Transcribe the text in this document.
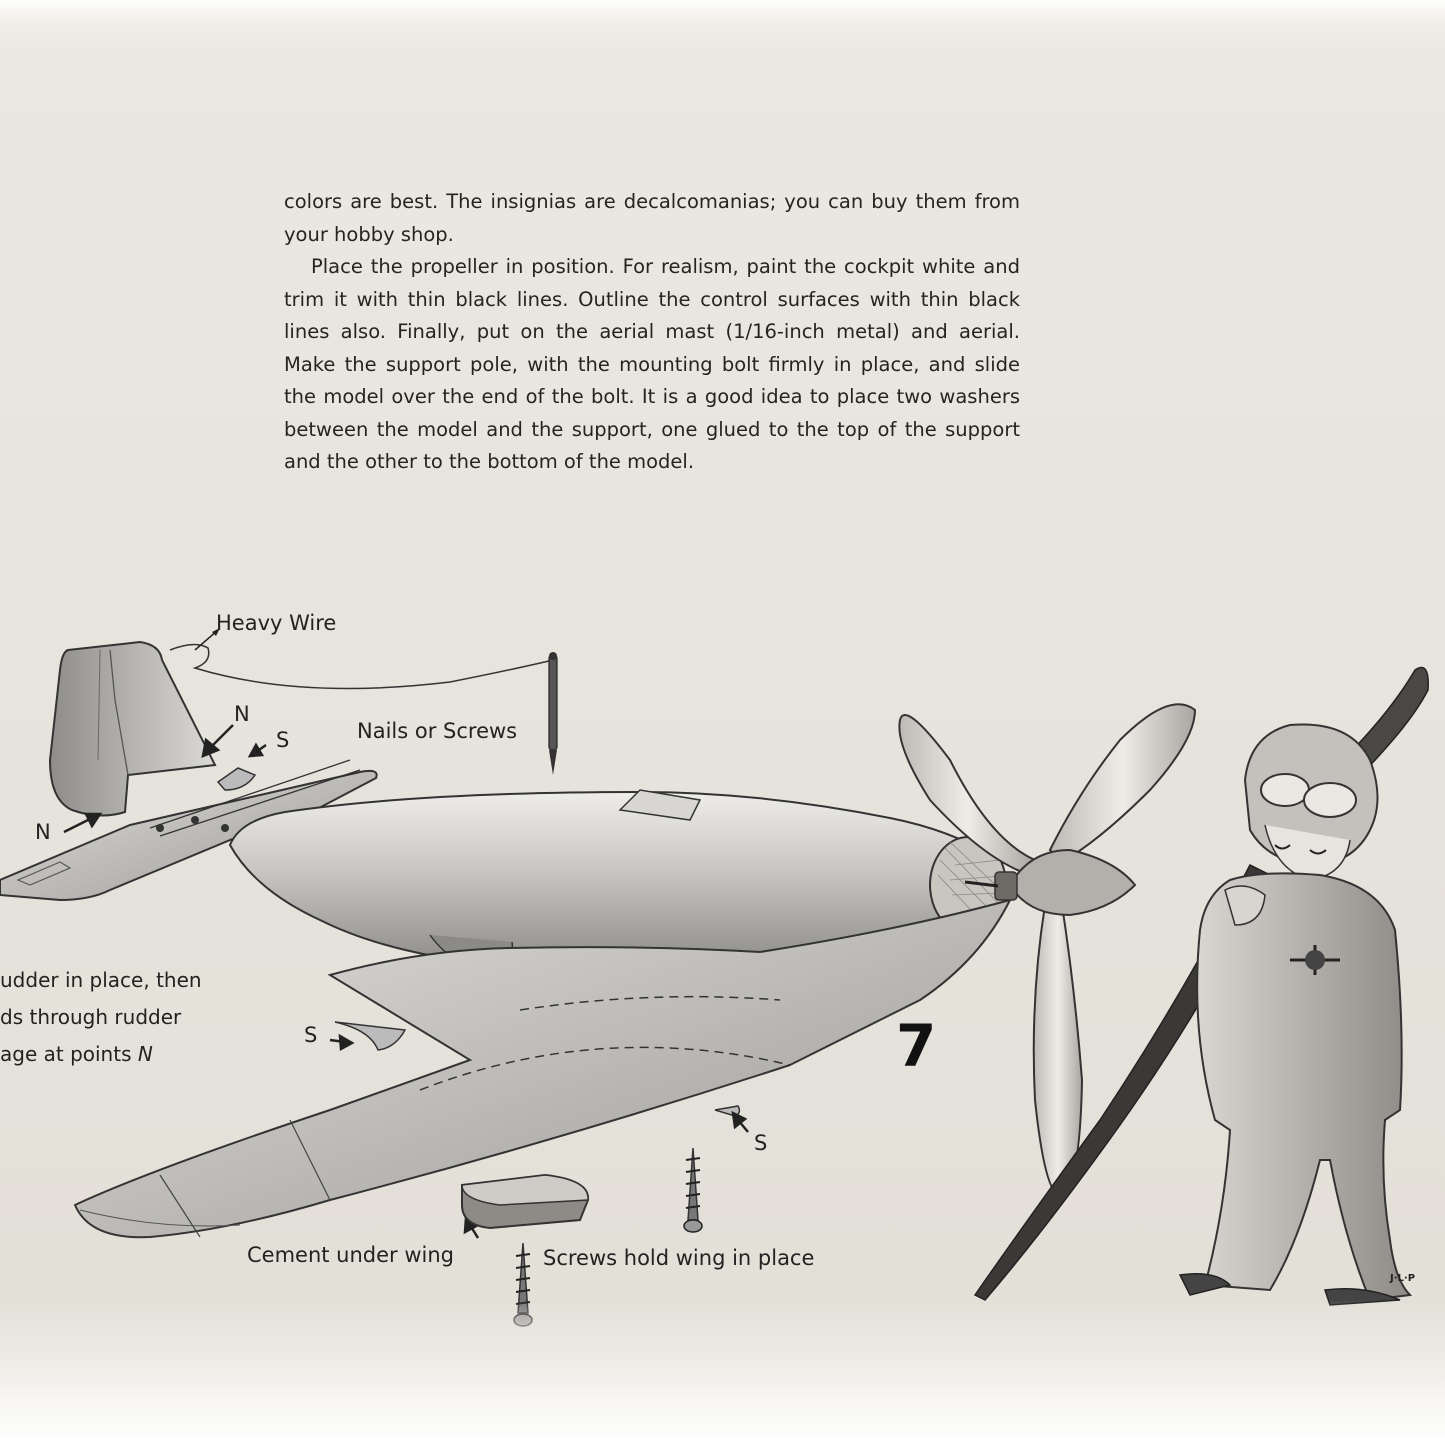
colors are best. The insignias are decalcomanias; you can buy them from your hobby shop.

Place the propeller in position. For realism, paint the cockpit white and trim it with thin black lines. Outline the control surfaces with thin black lines also. Finally, put on the aerial mast (1/16-inch metal) and aerial. Make the support pole, with the mounting bolt firmly in place, and slide the model over the end of the bolt. It is a good idea to place two washers between the model and the support, one glued to the top of the support and the other to the bottom of the model.

Heavy Wire
Nails or Screws
N
S
N
S
S
Cement under wing	Screws hold wing in place
udder in place, then
ds through rudder
age at points N	7
J·L·P
